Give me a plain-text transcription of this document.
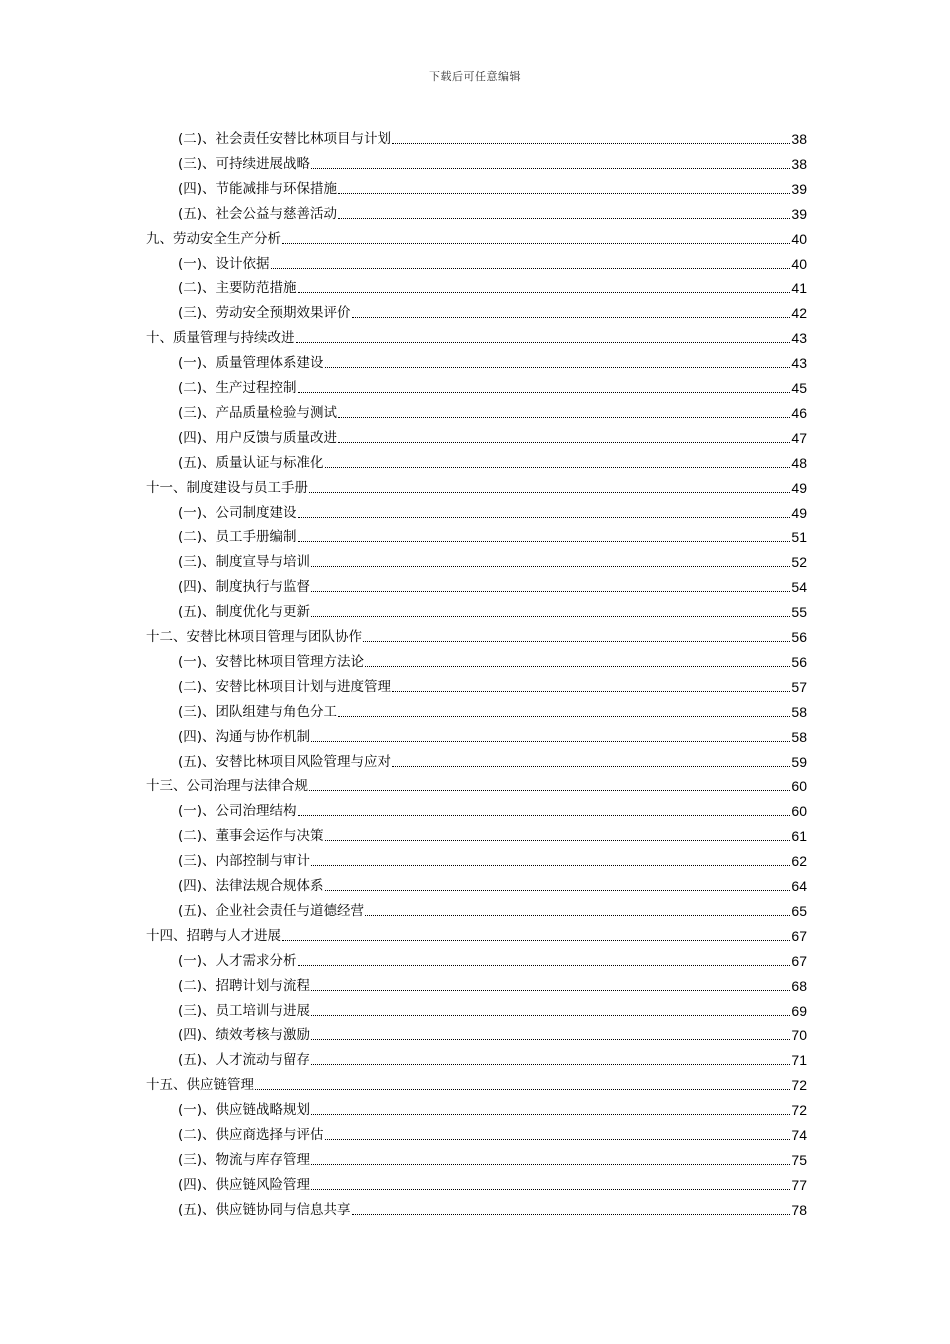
下载后可任意编辑
(二)、社会责任安替比林项目与计划	38
(三)、可持续进展战略	38
(四)、节能减排与环保措施	39
(五)、社会公益与慈善活动	39
九、劳动安全生产分析	40
(一)、设计依据	40
(二)、主要防范措施	41
(三)、劳动安全预期效果评价	42
十、质量管理与持续改进	43
(一)、质量管理体系建设	43
(二)、生产过程控制	45
(三)、产品质量检验与测试	46
(四)、用户反馈与质量改进	47
(五)、质量认证与标准化	48
十一、制度建设与员工手册	49
(一)、公司制度建设	49
(二)、员工手册编制	51
(三)、制度宣导与培训	52
(四)、制度执行与监督	54
(五)、制度优化与更新	55
十二、安替比林项目管理与团队协作	56
(一)、安替比林项目管理方法论	56
(二)、安替比林项目计划与进度管理	57
(三)、团队组建与角色分工	58
(四)、沟通与协作机制	58
(五)、安替比林项目风险管理与应对	59
十三、公司治理与法律合规	60
(一)、公司治理结构	60
(二)、董事会运作与决策	61
(三)、内部控制与审计	62
(四)、法律法规合规体系	64
(五)、企业社会责任与道德经营	65
十四、招聘与人才进展	67
(一)、人才需求分析	67
(二)、招聘计划与流程	68
(三)、员工培训与进展	69
(四)、绩效考核与激励	70
(五)、人才流动与留存	71
十五、供应链管理	72
(一)、供应链战略规划	72
(二)、供应商选择与评估	74
(三)、物流与库存管理	75
(四)、供应链风险管理	77
(五)、供应链协同与信息共享	78
